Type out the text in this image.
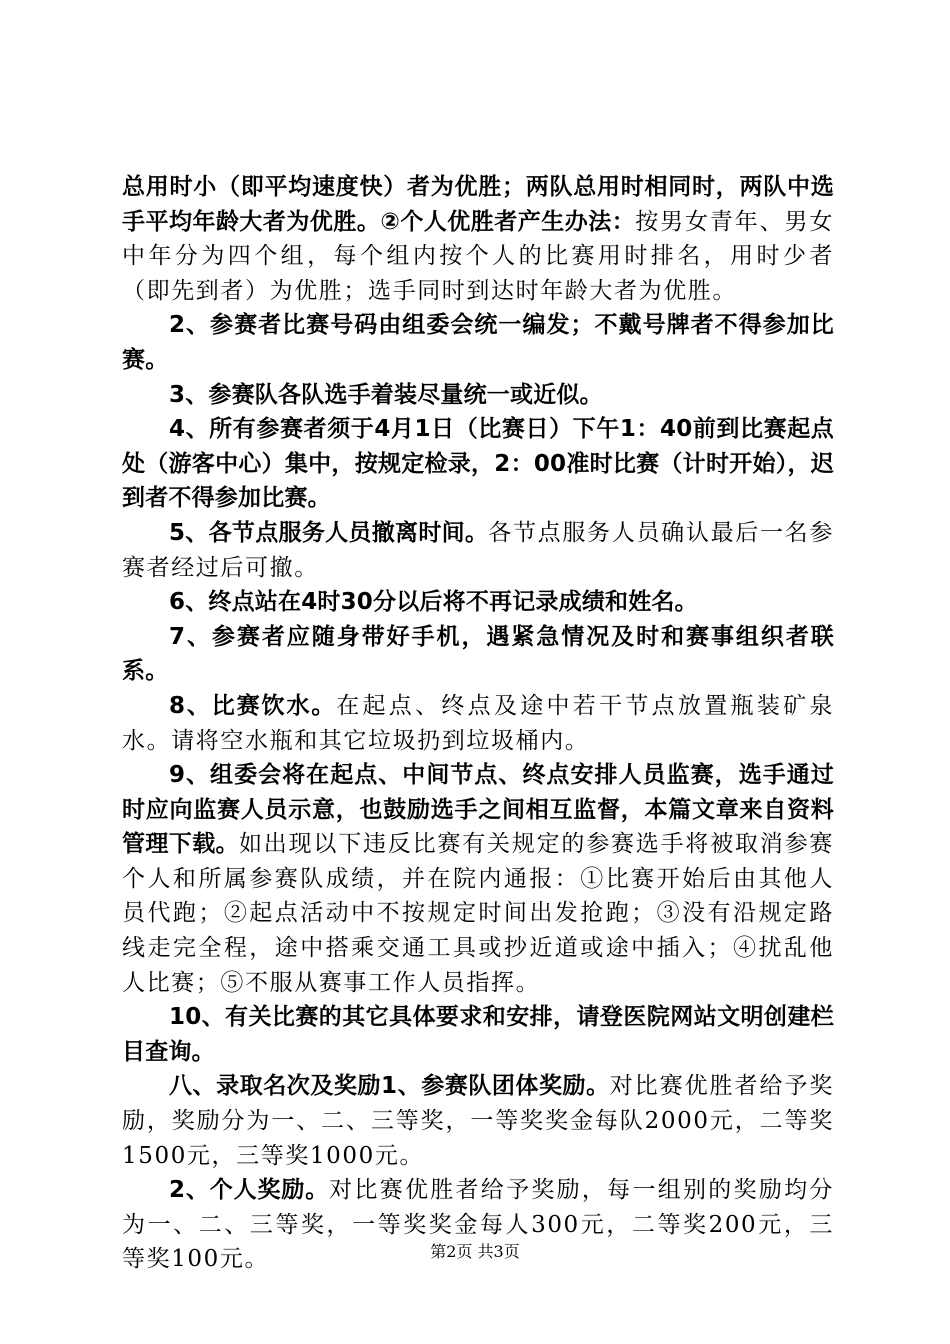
总用时小（即平均速度快）者为优胜；两队总用时相同时，两队中选手平均年龄大者为优胜。②个人优胜者产生办法：按男女青年、男女中年分为四个组，每个组内按个人的比赛用时排名，用时少者（即先到者）为优胜；选手同时到达时年龄大者为优胜。

2、参赛者比赛号码由组委会统一编发；不戴号牌者不得参加比赛。

3、参赛队各队选手着装尽量统一或近似。

4、所有参赛者须于4月1日（比赛日）下午1：40前到比赛起点处（游客中心）集中，按规定检录，2：00准时比赛（计时开始），迟到者不得参加比赛。

5、各节点服务人员撤离时间。各节点服务人员确认最后一名参赛者经过后可撤。

6、终点站在4时30分以后将不再记录成绩和姓名。

7、参赛者应随身带好手机，遇紧急情况及时和赛事组织者联系。

8、比赛饮水。在起点、终点及途中若干节点放置瓶装矿泉水。请将空水瓶和其它垃圾扔到垃圾桶内。

9、组委会将在起点、中间节点、终点安排人员监赛，选手通过时应向监赛人员示意，也鼓励选手之间相互监督，本篇文章来自资料管理下载。如出现以下违反比赛有关规定的参赛选手将被取消参赛个人和所属参赛队成绩，并在院内通报：①比赛开始后由其他人员代跑；②起点活动中不按规定时间出发抢跑；③没有沿规定路线走完全程，途中搭乘交通工具或抄近道或途中插入；④扰乱他人比赛；⑤不服从赛事工作人员指挥。

10、有关比赛的其它具体要求和安排，请登医院网站文明创建栏目查询。

八、录取名次及奖励1、参赛队团体奖励。对比赛优胜者给予奖励，奖励分为一、二、三等奖，一等奖奖金每队2000元，二等奖1500元，三等奖1000元。

2、个人奖励。对比赛优胜者给予奖励，每一组别的奖励均分为一、二、三等奖，一等奖奖金每人300元，二等奖200元，三等奖100元。	第2页 共3页
